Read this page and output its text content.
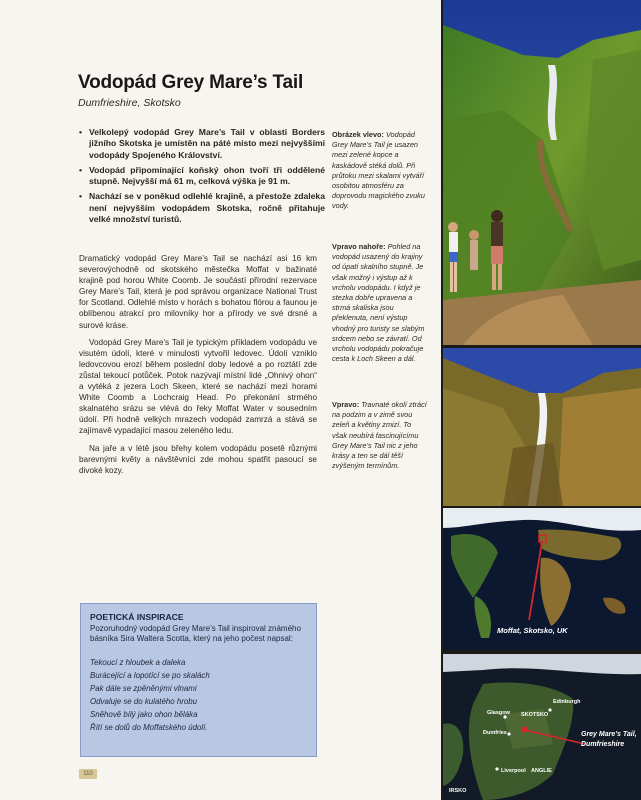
Vodopád Grey Mare’s Tail
Dumfrieshire, Skotsko
• Velkolepý vodopád Grey Mare’s Tail v oblasti Borders jižního Skotska je umístěn na páté místo mezi nejvyššími vodopády Spojeného Království.
• Vodopád připomínající koňský ohon tvoří tři oddělené stupně. Nejvyšší má 61 m, celková výška je 91 m.
• Nachází se v poněkud odlehlé krajině, a přestože zdaleka není nejvyšším vodopádem Skotska, ročně přitahuje velké množství turistů.

Dramatický vodopád Grey Mare’s Tail se nachází asi 16 km severovýchodně od skotského městečka Moffat v bažinaté krajině pod horou White Coomb. Je součástí přírodní rezervace Grey Mare’s Tail, která je pod správou organizace National Trust for Scotland. Odlehlé místo v horách s bohatou flórou a faunou je oblíbenou atrakcí pro milovníky hor a přírody ve své drsné a surové kráse.

Vodopád Grey Mare’s Tail je typickým příkladem vodopádu ve visutém údolí, které v minulosti vytvořil ledovec. Údolí vzniklo ledovcovou erozí během poslední doby ledové a po roztátí zde zůstal tekoucí potůček. Potok nazývají místní lidé „Ohnivý ohon“ a vytéká z jezera Loch Skeen, které se nachází mezi horami White Coomb a Lochcraig Head. Po překonání strmého skalnatého srázu se vlévá do řeky Moffat Water v sousedním údolí. Při hodně velkých mrazech vodopád zamrzá a stává se zajímavě vypadající masou zeleného ledu.

Na jaře a v létě jsou břehy kolem vodopádu posetě různými barevnými květy a návštěvníci zde mohou spatřit pasoucí se divoké kozy.

Obrázek vlevo: Vodopád Grey Mare’s Tail je usazen mezi zelené kopce a kaskádově stéká dolů. Při průtoku mezi skalami vytváří osobitou atmosféru za doprovodu magického zvuku vody.
Vpravo nahoře: Pohled na vodopád usazený do krajiny od úpatí skalního stupně. Je však možný i výstup až k vrcholu vodopádu. I když je stezka dobře upravena a strmá skaliska jsou překlenuta, není výstup vhodný pro turisty se slabým srdcem nebo se závratí. Od vrcholu vodopádu pokračuje cesta k Loch Skeen a dál.
Vpravo: Travnaté okolí ztrácí na podzim a v zimě svou zeleň a květiny zmizí. To však neubírá fascinujícímu Grey Mare’s Tail nic z jeho krásy a ten se dál těší zvýšeným termínům.
POETICKÁ INSPIRACE
Pozoruhodný vodopád Grey Mare’s Tail inspiroval známého básníka Sira Waltera Scotta, který na jeho počest napsal:
Tekoucí z hloubek a daleka
Burácející a lopotící se po skalách
Pak dále se zpěněnými vlnami
Odvaluje se do kulatého hrobu
Sněhově bílý jako ohon běláka
Řítí se dolů do Moffatského údolí.
110
Moffat, Skotsko, UK
Edinburgh
Glasgow SKOTSKO
Dumfries
Liverpool ANGLIE
IRSKO
Grey Mare’s Tail,
Dumfrieshire
